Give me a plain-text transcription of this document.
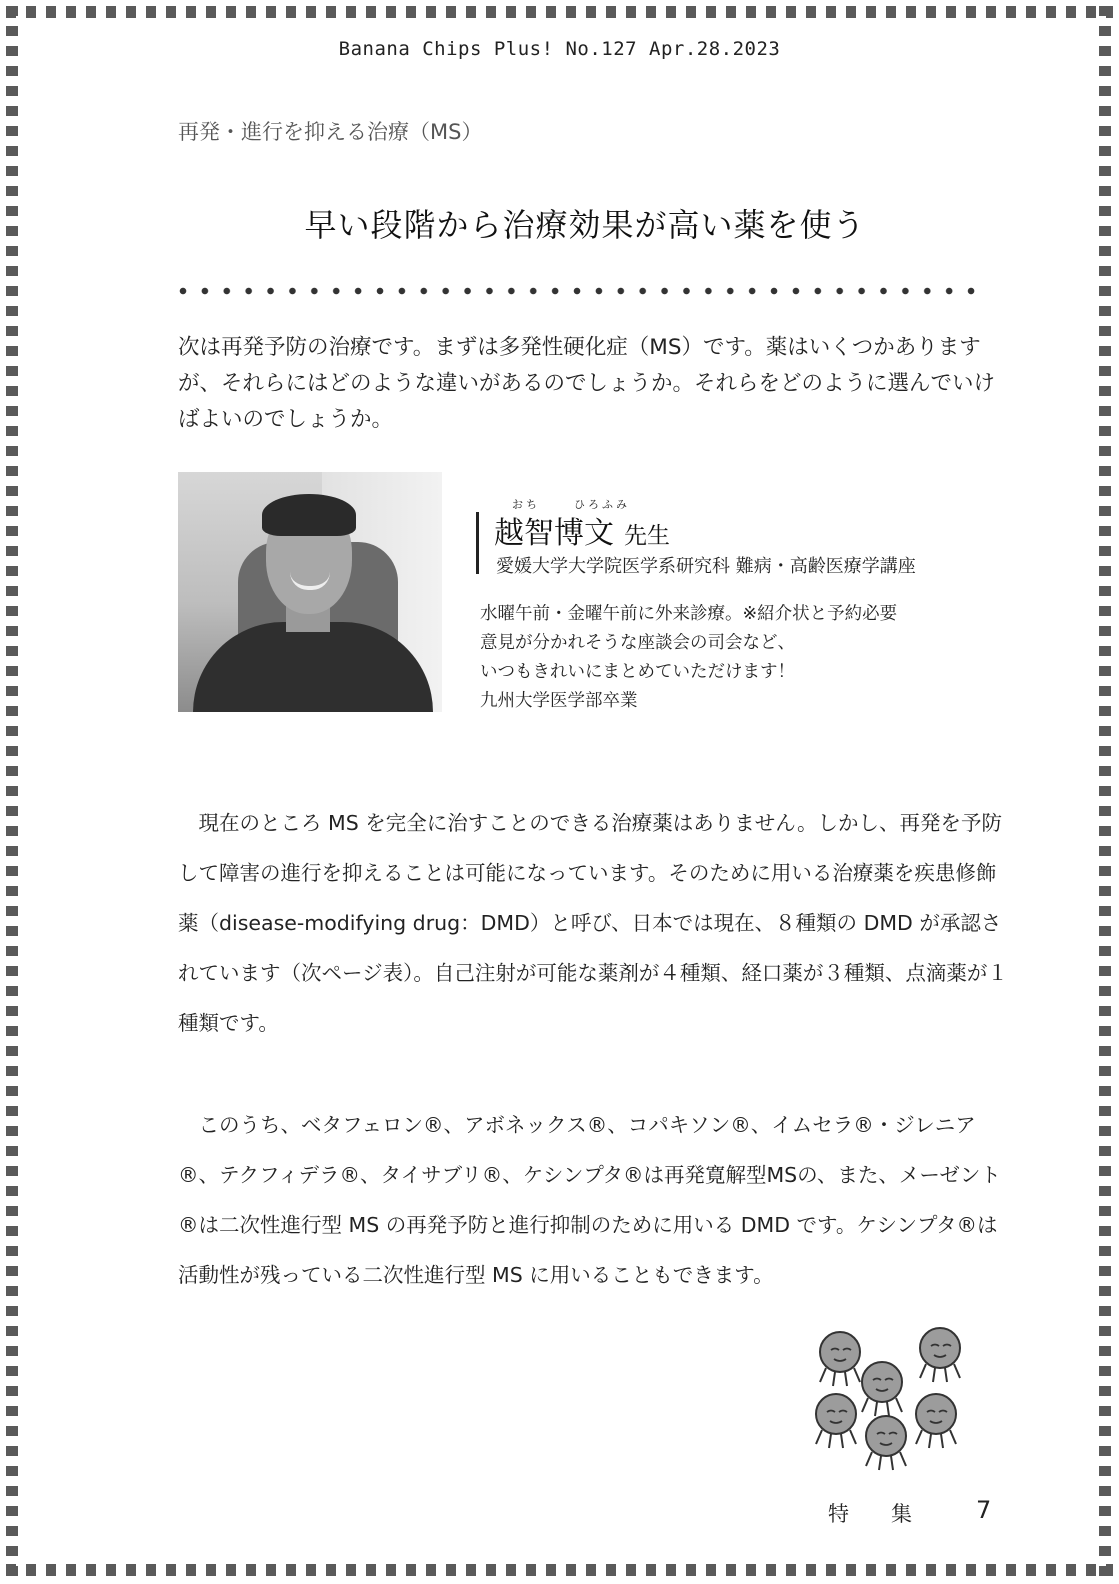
Banana Chips Plus! No.127 Apr.28.2023
再発・進行を抑える治療（MS）
早い段階から治療効果が高い薬を使う
次は再発予防の治療です。まずは多発性硬化症（MS）です。薬はいくつかありますが、それらにはどのような違いがあるのでしょうか。それらをどのように選んでいけばよいのでしょうか。
おち	ひろふみ
越智博文 先生
愛媛大学大学院医学系研究科 難病・高齢医療学講座
水曜午前・金曜午前に外来診療。※紹介状と予約必要
意見が分かれそうな座談会の司会など、
いつもきれいにまとめていただけます！
九州大学医学部卒業
現在のところ MS を完全に治すことのできる治療薬はありません。しかし、再発を予防して障害の進行を抑えることは可能になっています。そのために用いる治療薬を疾患修飾薬（disease-modifying drug：DMD）と呼び、日本では現在、８種類の DMD が承認されています（次ページ表）。自己注射が可能な薬剤が４種類、経口薬が３種類、点滴薬が１種類です。
このうち、ベタフェロン®、アボネックス®、コパキソン®、イムセラ®・ジレニア®、テクフィデラ®、タイサブリ®、ケシンプタ®は再発寛解型MSの、また、メーゼント®は二次性進行型 MS の再発予防と進行抑制のために用いる DMD です。ケシンプタ®は活動性が残っている二次性進行型 MS に用いることもできます。
特 集	7
